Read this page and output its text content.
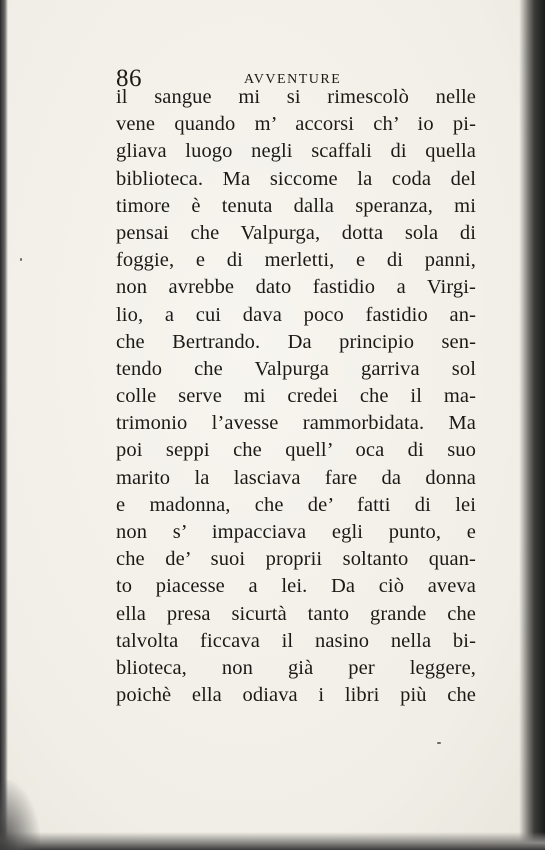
86	AVVENTURE
il sangue mi si rimescolò nelle
vene quando m’ accorsi ch’ io pi-
gliava luogo negli scaffali di quella
biblioteca. Ma siccome la coda del
timore è tenuta dalla speranza, mi
pensai che Valpurga, dotta sola di
foggie, e di merletti, e di panni,
non avrebbe dato fastidio a Virgi-
lio, a cui dava poco fastidio an-
che Bertrando. Da principio sen-
tendo che Valpurga garriva sol
colle serve mi credei che il ma-
trimonio l’avesse rammorbidata. Ma
poi seppi che quell’ oca di suo
marito la lasciava fare da donna
e madonna, che de’ fatti di lei
non s’ impacciava egli punto, e
che de’ suoi proprii soltanto quan-
to piacesse a lei. Da ciò aveva
ella presa sicurtà tanto grande che
talvolta ficcava il nasino nella bi-
blioteca, non già per leggere,
poichè ella odiava i libri più che
